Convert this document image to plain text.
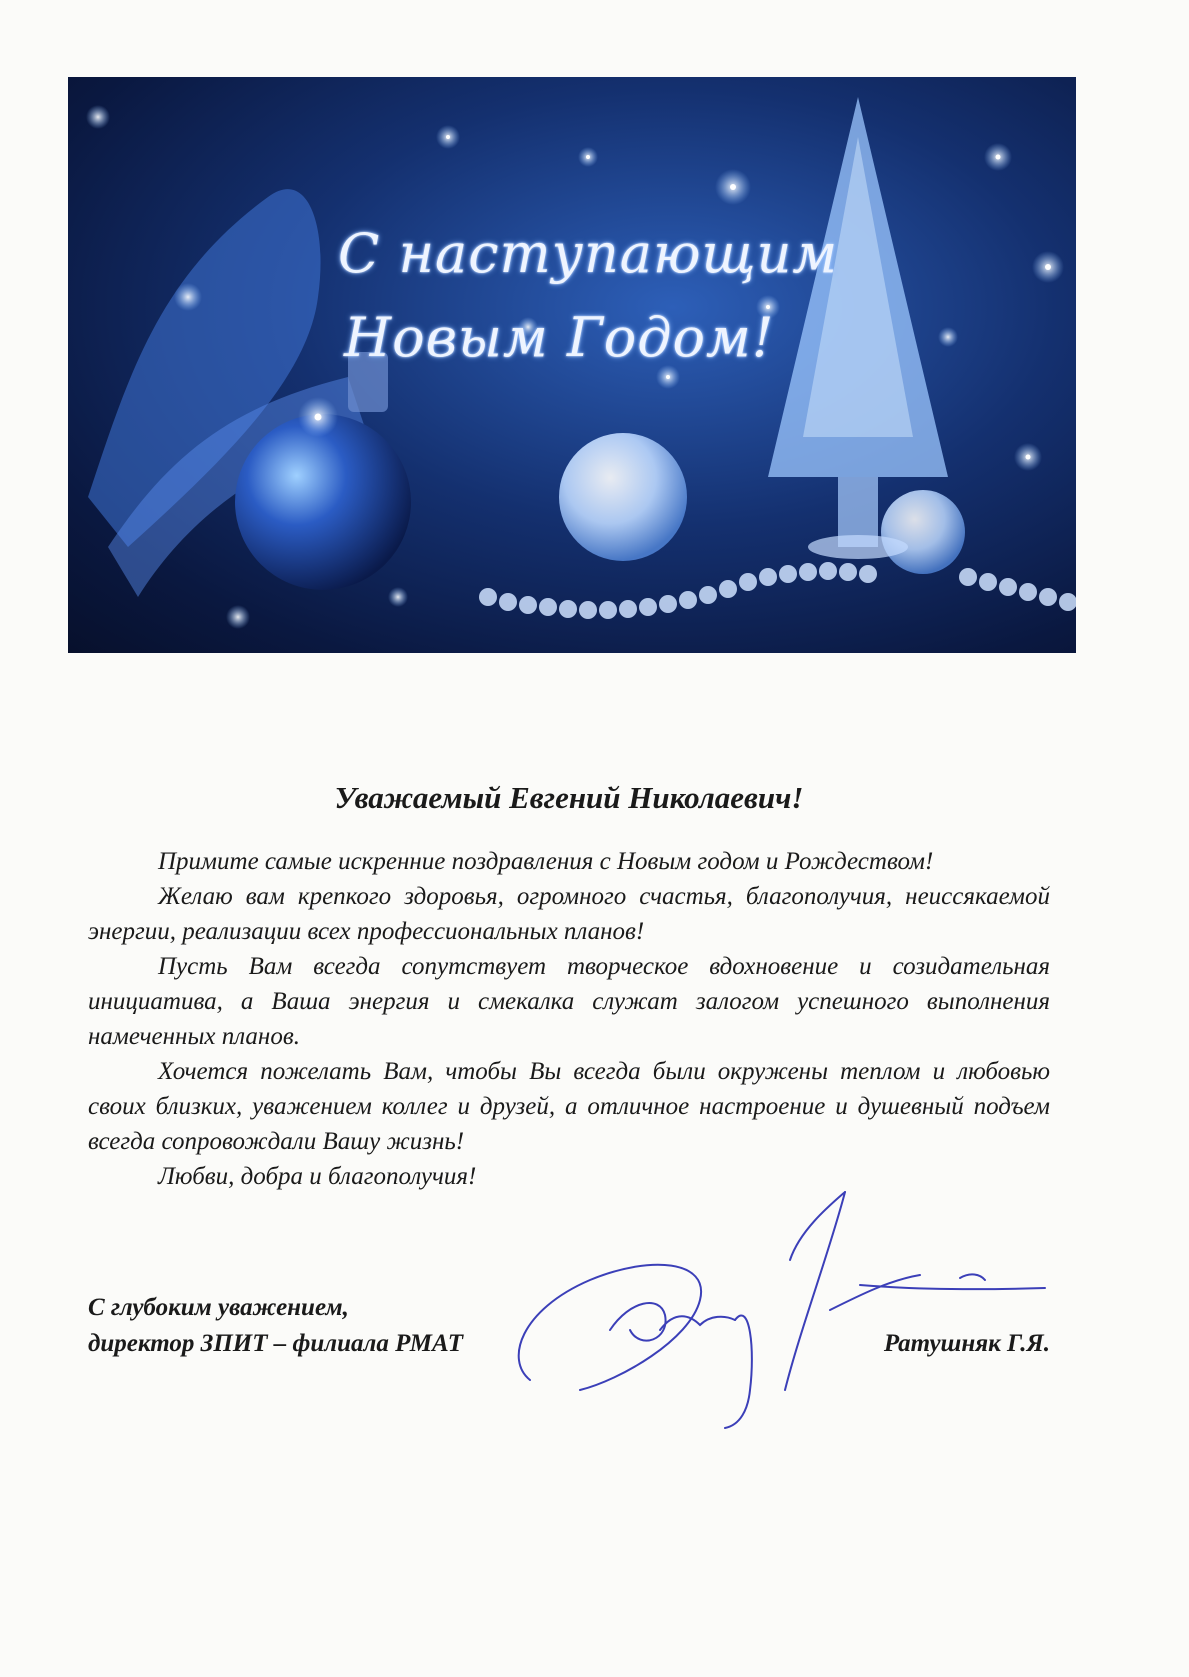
С наступающим
Новым Годом!

Уважаемый Евгений Николаевич!

Примите самые искренние поздравления с Новым годом и Рождеством!

Желаю вам крепкого здоровья, огромного счастья, благополучия, неиссякаемой энергии, реализации всех профессиональных планов!

Пусть Вам всегда сопутствует творческое вдохновение и созидательная инициатива, а Ваша энергия и смекалка служат залогом успешного выполнения намеченных планов.

Хочется пожелать Вам, чтобы Вы всегда были окружены теплом и любовью своих близких, уважением коллег и друзей, а отличное настроение и душевный подъем всегда сопровождали Вашу жизнь!

Любви, добра и благополучия!

С глубоким уважением,
директор ЗПИТ – филиала РМАТ	Ратушняк Г.Я.
